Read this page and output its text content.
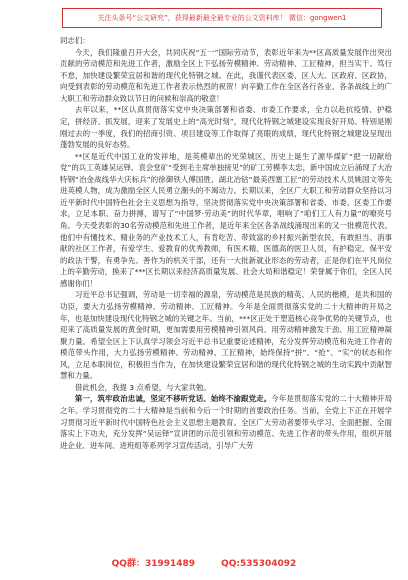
关注头条号“公文研究”，获得最新最全最专业的公文资料库！ 微信：gongwen1

同志们：

今天，我们隆重召开大会，共同庆祝“五一”国际劳动节，表彰近年来为**区高质量发展作出突出贡献的劳动模范和先进工作者，激励全区上下弘扬劳模精神、劳动精神、工匠精神，担当实干、笃行不怠，加快建设繁荣宜居和谐的现代化特钢之城。在此，我谨代表区委、区人大、区政府、区政协，向受到表彰的劳动模范和先进工作者表示热烈的祝贺！向辛勤工作在全区各行各业、各条战线上的广大职工和劳动群众致以节日的问候和崇高的敬意！

去年以来，**区认真贯彻落实党中央决策部署和省委、市委工作要求，全力以赴抗疫情、护稳定，拼经济、抓发展，迎来了发展史上的“高光时刻”，现代化特钢之城建设实现良好开局。特别是刚刚过去的一季度，我们的招商引资、项目建设等工作取得了亮眼的成绩，现代化特钢之城建设呈现出蓬勃发展的良好态势。

**区是近代中国工业的发祥地，是英模辈出的光荣城区，历史上诞生了源华煤矿“把一切献给党”的兵工英雄吴运铎、袁会堂矿“受到毛主席单独接见”的矿工劳模李太忠，新中国成立后涌现了大冶特钢“冶金战线华大庆标兵”的徐御铁人傅国胜、湖北冶钴“最美西塞工匠”的劳动技术人员姚国文等先进英模人物，成为激励全区人民勇立潮头的不竭动力。长期以来，全区广大职工和劳动群众坚持以习近平新时代中国特色社会主义思想为指导，坚决贯彻落实党中央决策部署和省委、市委、区委工作要求，立足本职、奋力拼搏，谱写了“中国梦·劳动美”的时代华章，唱响了“咱们工人有力量”的嘹亮号角。今天受表彰的30名劳动模范和先进工作者，是近年来全区各条战线涌现出来的又一批模范代表。他们中有懂技术、精业务的产业技术工人，有肯吃苦、带致富的乡村振兴新型农民，有敢担当、消事献的社区工作者，有爱学生、爱教育的优秀教师，有医术精、医德高的医卫人员，有护稳定、保平安的政法干警，有勇争先、善作为的机关干部，还有一大批新就业形态的劳动者，正是你们在平凡岗位上的辛勤劳动，换来了***区长期以来经济高质量发展、社会大局和谐稳定！荣誉属于你们，全区人民感谢你们！

习近平总书记强调，劳动是一切幸福的源泉，劳动模范是民族的精英、人民的楷模，是共和国的功臣，要大力弘扬劳模精神、劳动精神、工匠精神。今年是全面贯彻落实党的二十大精神的开局之年，也是加快建设现代化特钢之城的关键之年。当前，***区正处于塑造核心竞争优势的关键节点，也迎来了高质量发展的黄金时期，更加需要用劳模精神引领风尚、用劳动精神激发干劲、用工匠精神凝聚力量。希望全区上下认真学习领会习近平总书记重要论述精神，充分发挥劳动模范和先进工作者的模范带头作用，大力弘扬劳模精神、劳动精神、工匠精神，始终保持“拼”、“抢”、“实”的状态和作风，立足本职岗位，积极担当作为，在加快建设繁荣宜居和谐的现代化特钢之城的生动实践中贡献智慧和力量。

借此机会，我提 3 点希望，与大家共勉。

第一，筑牢政治忠诚，坚定不移听党话、始终不渝跟党走。今年是贯彻落实党的二十大精神开局之年。学习贯彻党的二十大精神是当前和今后一个时期的首要政治任务。当前，全党上下正在开展学习贯彻习近平新时代中国特色社会主义思想主题教育。全区广大劳动者要带头学习、全面把握、全面落实上下功夫，充分发挥“吴运铎”宣讲团的示范引领和劳动模范、先进工作者的带头作用，组织开展进企业、进车间、进班组等系列学习宣传活动，引导广大劳

QQ群：31991489	QQ:535304092
